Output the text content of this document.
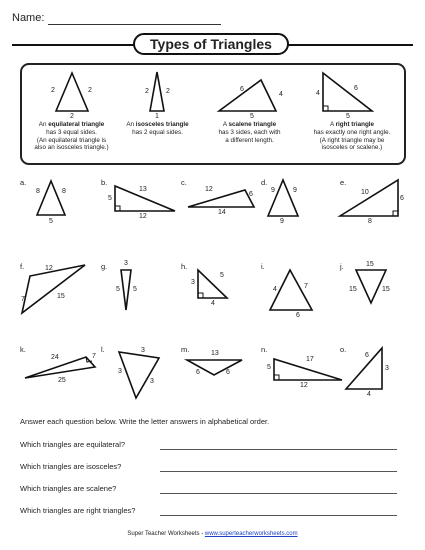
Name:
Types of Triangles
2	2
2
2 2
1
6
4
5
4
6
5
An equilateral triangle
has 3 equal sides.
(An equilateral triangle is
also an isosceles triangle.)
An isosceles triangle
has 2 equal sides.
A scalene triangle
has 3 sides, each with
a different length.
A right triangle
has exactly one right angle.
(A right triangle may be
isosceles or scalene.)
a.
8	8
5
b.
5
13
12
c.
12
6
14
d.
9	9
9
e.
10
6
8
f.	12
7	15
g. 3
5 5
h.
3
5
4
i.
4	7
6
j.	15
15	15
k.
24	7
25
l.	3
3
3
m.	13
6	6
n.
5
17
12
o.
6
3
4
Answer each question below. Write the letter answers in alphabetical order.
Which triangles are equilateral?
Which triangles are isosceles?
Which triangles are scalene?
Which triangles are right triangles?
Super Teacher Worksheets - www.superteacherworksheets.com
